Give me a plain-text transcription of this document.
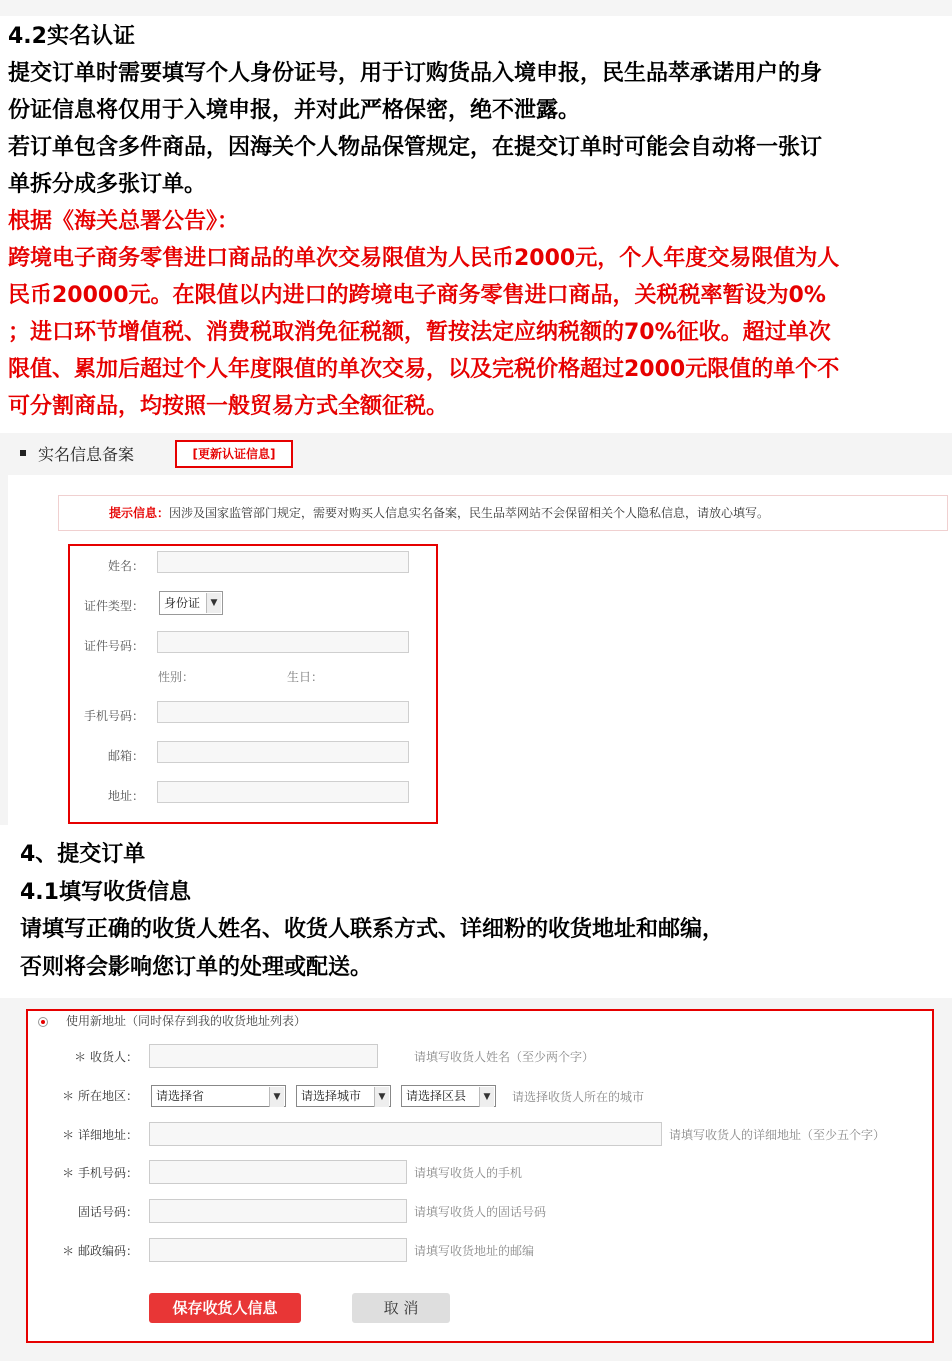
4.2实名认证

提交订单时需要填写个人身份证号，用于订购货品入境申报，民生品萃承诺用户的身

份证信息将仅用于入境申报，并对此严格保密，绝不泄露。

若订单包含多件商品，因海关个人物品保管规定，在提交订单时可能会自动将一张订

单拆分成多张订单。

根据《海关总署公告》：

跨境电子商务零售进口商品的单次交易限值为人民币2000元，个人年度交易限值为人

民币20000元。在限值以内进口的跨境电子商务零售进口商品，关税税率暂设为0%

；进口环节增值税、消费税取消免征税额，暂按法定应纳税额的70%征收。超过单次

限值、累加后超过个人年度限值的单次交易，以及完税价格超过2000元限值的单个不

可分割商品，均按照一般贸易方式全额征税。

实名信息备案	[更新认证信息]
提示信息：因涉及国家监管部门规定，需要对购买人信息实名备案，民生品萃网站不会保留相关个人隐私信息，请放心填写。
姓名：
证件类型：	身份证	▼
证件号码：
性别：	生日：
手机号码：
邮箱：
地址：

4、提交订单

4.1填写收货信息

请填写正确的收货人姓名、收货人联系方式、详细粉的收货地址和邮编，

否则将会影响您订单的处理或配送。

使用新地址（同时保存到我的收货地址列表）
＊ 收货人：	请填写收货人姓名（至少两个字）
＊ 所在地区：	请选择省	▼	请选择城市	▼	请选择区县	▼ 请选择收货人所在的城市
＊ 详细地址：	请填写收货人的详细地址（至少五个字）
＊ 手机号码：	请填写收货人的手机
固话号码：	请填写收货人的固话号码
＊ 邮政编码：	请填写收货地址的邮编
保存收货人信息	取 消
